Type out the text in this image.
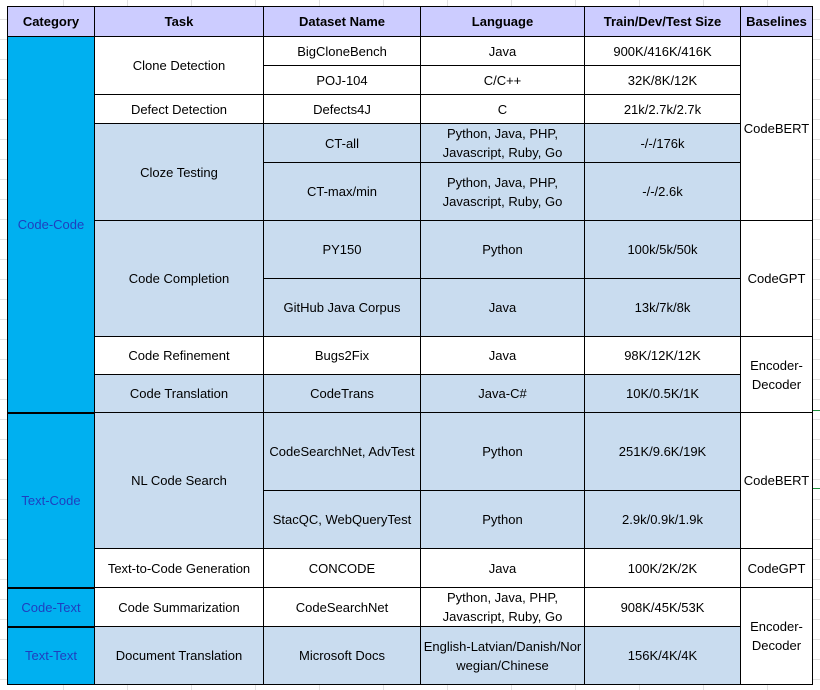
Category	Task	Dataset Name	Language	Train/Dev/Test Size	Baselines
Code-Code	Clone Detection	BigCloneBench	Java	900K/416K/416K	CodeBERT
		POJ-104	C/C++	32K/8K/12K	
	Defect Detection	Defects4J	C	21k/2.7k/2.7k	
	Cloze Testing	CT-all	Python, Java, PHP, Javascript, Ruby, Go	-/-/176k	
		CT-max/min	Python, Java, PHP, Javascript, Ruby, Go	-/-/2.6k	
	Code Completion	PY150	Python	100k/5k/50k	CodeGPT
		GitHub Java Corpus	Java	13k/7k/8k	
	Code Refinement	Bugs2Fix	Java	98K/12K/12K	Encoder-Decoder
	Code Translation	CodeTrans	Java-C#	10K/0.5K/1K	
Text-Code	NL Code Search	CodeSearchNet, AdvTest	Python	251K/9.6K/19K	CodeBERT
		StacQC, WebQueryTest	Python	2.9k/0.9k/1.9k	
	Text-to-Code Generation	CONCODE	Java	100K/2K/2K	CodeGPT
Code-Text	Code Summarization	CodeSearchNet	Python, Java, PHP, Javascript, Ruby, Go	908K/45K/53K	Encoder-Decoder
Text-Text	Document Translation	Microsoft Docs	English-Latvian/Danish/Norwegian/Chinese	156K/4K/4K	
